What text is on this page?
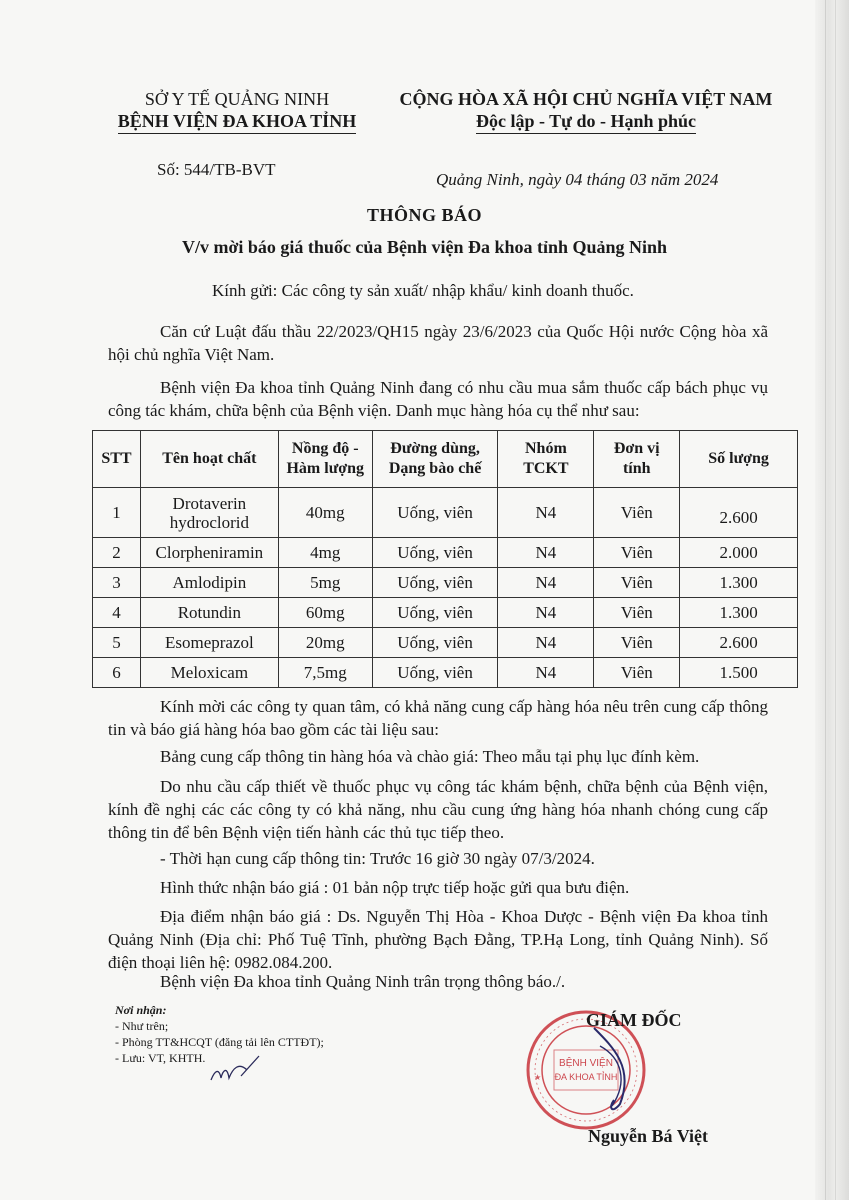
SỞ Y TẾ QUẢNG NINH
BỆNH VIỆN ĐA KHOA TỈNH
CỘNG HÒA XÃ HỘI CHỦ NGHĨA VIỆT NAM
Độc lập - Tự do - Hạnh phúc
Số: 544/TB-BVT
Quảng Ninh, ngày 04 tháng 03 năm 2024
THÔNG BÁO
V/v mời báo giá thuốc của Bệnh viện Đa khoa tỉnh Quảng Ninh
Kính gửi: Các công ty sản xuất/ nhập khẩu/ kinh doanh thuốc.
Căn cứ Luật đấu thầu 22/2023/QH15 ngày 23/6/2023 của Quốc Hội nước Cộng hòa xã hội chủ nghĩa Việt Nam.
Bệnh viện Đa khoa tỉnh Quảng Ninh đang có nhu cầu mua sắm thuốc cấp bách phục vụ công tác khám, chữa bệnh của Bệnh viện. Danh mục hàng hóa cụ thể như sau:
STT	Tên hoạt chất	Nồng độ - Hàm lượng	Đường dùng, Dạng bào chế	Nhóm TCKT	Đơn vị tính	Số lượng
1	Drotaverin hydroclorid	40mg	Uống, viên	N4	Viên	2.600
2	Clorpheniramin	4mg	Uống, viên	N4	Viên	2.000
3	Amlodipin	5mg	Uống, viên	N4	Viên	1.300
4	Rotundin	60mg	Uống, viên	N4	Viên	1.300
5	Esomeprazol	20mg	Uống, viên	N4	Viên	2.600
6	Meloxicam	7,5mg	Uống, viên	N4	Viên	1.500
Kính mời các công ty quan tâm, có khả năng cung cấp hàng hóa nêu trên cung cấp thông tin và báo giá hàng hóa bao gồm các tài liệu sau:
Bảng cung cấp thông tin hàng hóa và chào giá: Theo mẫu tại phụ lục đính kèm.
Do nhu cầu cấp thiết về thuốc phục vụ công tác khám bệnh, chữa bệnh của Bệnh viện, kính đề nghị các các công ty có khả năng, nhu cầu cung ứng hàng hóa nhanh chóng cung cấp thông tin để bên Bệnh viện tiến hành các thủ tục tiếp theo.
- Thời hạn cung cấp thông tin: Trước 16 giờ 30 ngày 07/3/2024.
Hình thức nhận báo giá : 01 bản nộp trực tiếp hoặc gửi qua bưu điện.
Địa điểm nhận báo giá : Ds. Nguyễn Thị Hòa - Khoa Dược - Bệnh viện Đa khoa tỉnh Quảng Ninh (Địa chỉ: Phố Tuệ Tĩnh, phường Bạch Đằng, TP.Hạ Long, tỉnh Quảng Ninh). Số điện thoại liên hệ: 0982.084.200.
Bệnh viện Đa khoa tỉnh Quảng Ninh trân trọng thông báo./.
Nơi nhận:
- Như trên;
- Phòng TT&HCQT (đăng tải lên CTTĐT);
- Lưu: VT, KHTH.	BỆNH VIỆN
ĐA KHOA TỈNH
★
GIÁM ĐỐC
Nguyễn Bá Việt
